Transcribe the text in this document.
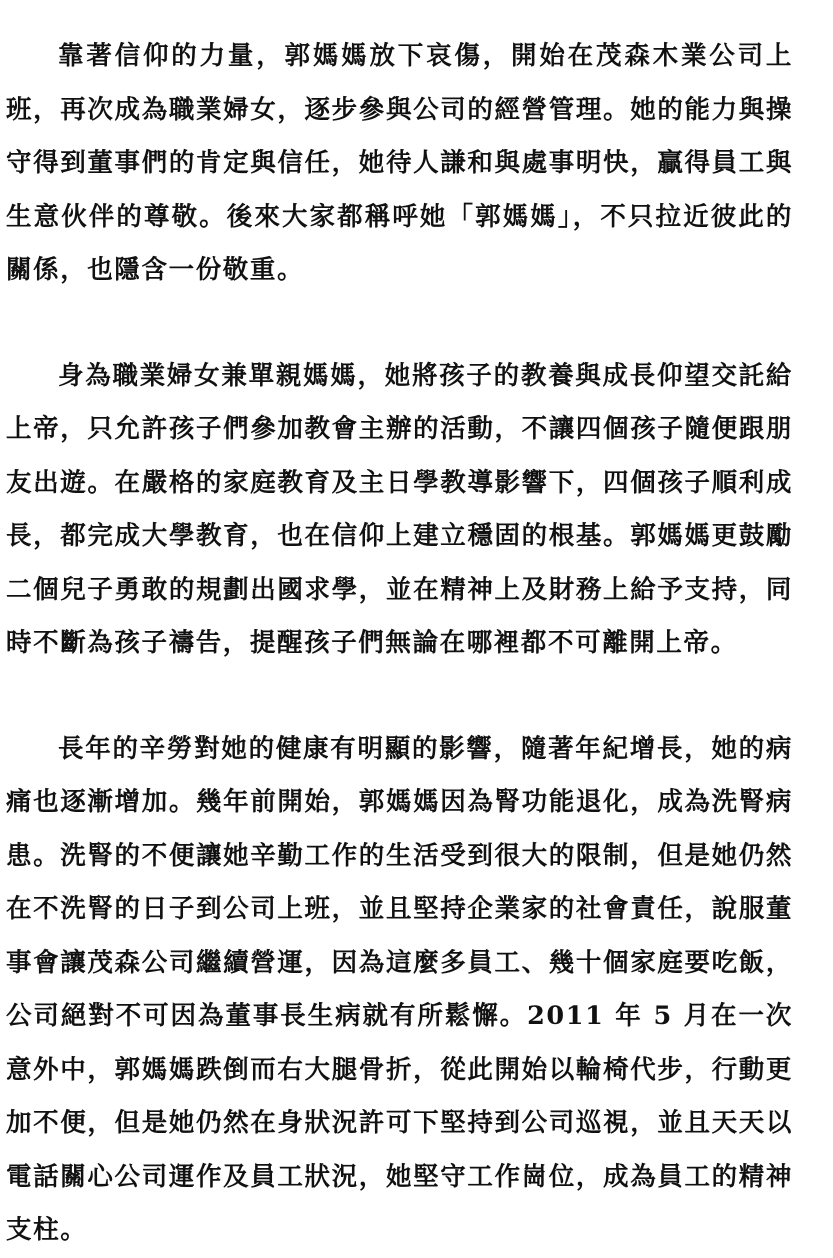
靠著信仰的力量，郭媽媽放下哀傷，開始在茂森木業公司上班，再次成為職業婦女，逐步參與公司的經營管理。她的能力與操守得到董事們的肯定與信任，她待人謙和與處事明快，贏得員工與生意伙伴的尊敬。後來大家都稱呼她「郭媽媽」，不只拉近彼此的關係，也隱含一份敬重。

身為職業婦女兼單親媽媽，她將孩子的教養與成長仰望交託給上帝，只允許孩子們參加教會主辦的活動，不讓四個孩子隨便跟朋友出遊。在嚴格的家庭教育及主日學教導影響下，四個孩子順利成長，都完成大學教育，也在信仰上建立穩固的根基。郭媽媽更鼓勵二個兒子勇敢的規劃出國求學，並在精神上及財務上給予支持，同時不斷為孩子禱告，提醒孩子們無論在哪裡都不可離開上帝。

長年的辛勞對她的健康有明顯的影響，隨著年紀增長，她的病痛也逐漸增加。幾年前開始，郭媽媽因為腎功能退化，成為洗腎病患。洗腎的不便讓她辛勤工作的生活受到很大的限制，但是她仍然在不洗腎的日子到公司上班，並且堅持企業家的社會責任，說服董事會讓茂森公司繼續營運，因為這麼多員工、幾十個家庭要吃飯，公司絕對不可因為董事長生病就有所鬆懈。2011 年 5 月在一次意外中，郭媽媽跌倒而右大腿骨折，從此開始以輪椅代步，行動更加不便，但是她仍然在身狀況許可下堅持到公司巡視，並且天天以電話關心公司運作及員工狀況，她堅守工作崗位，成為員工的精神支柱。
